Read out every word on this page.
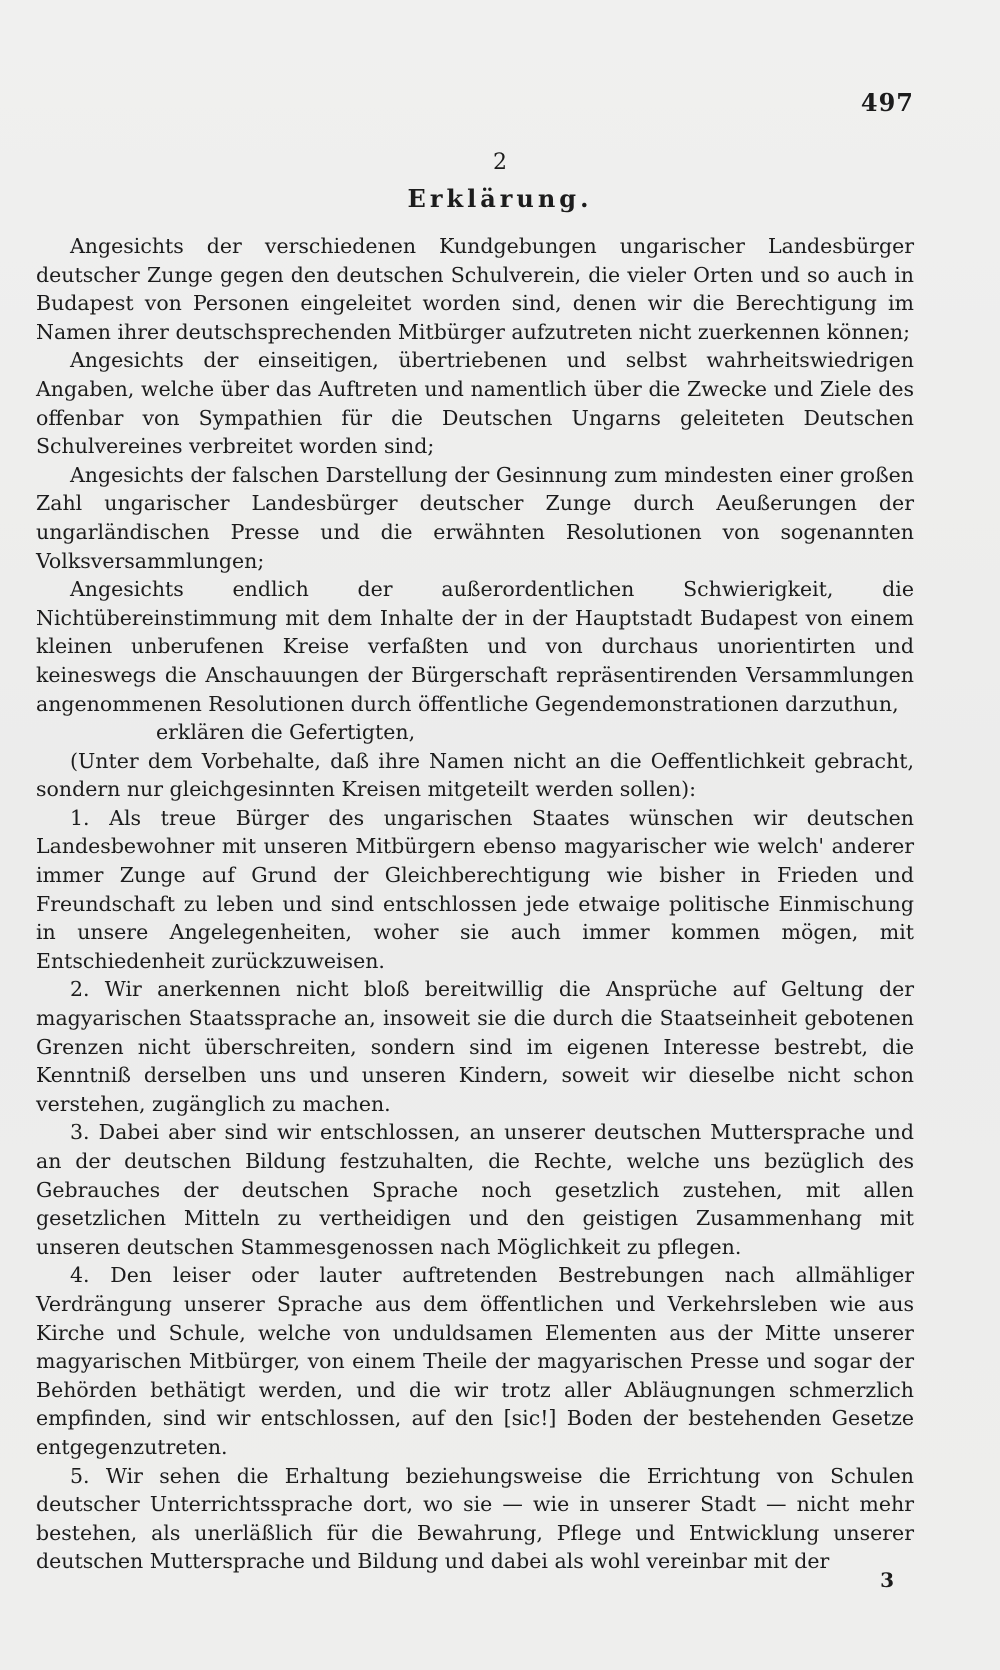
497
2
Erklärung.

Angesichts der verschiedenen Kundgebungen ungarischer Landesbürger deutscher Zunge gegen den deutschen Schulverein, die vieler Orten und so auch in Budapest von Personen eingeleitet worden sind, denen wir die Berechtigung im Namen ihrer deutschsprechenden Mitbürger aufzutreten nicht zuerkennen können;

Angesichts der einseitigen, übertriebenen und selbst wahrheitswiedrigen Angaben, welche über das Auftreten und namentlich über die Zwecke und Ziele des offenbar von Sympathien für die Deutschen Ungarns geleiteten Deutschen Schulvereines verbreitet worden sind;

Angesichts der falschen Darstellung der Gesinnung zum mindesten einer großen Zahl ungarischer Landesbürger deutscher Zunge durch Aeußerungen der ungarländischen Presse und die erwähnten Resolutionen von sogenannten Volksversammlungen;

Angesichts endlich der außerordentlichen Schwierigkeit, die Nichtübereinstimmung mit dem Inhalte der in der Hauptstadt Budapest von einem kleinen unberufenen Kreise verfaßten und von durchaus unorientirten und keineswegs die Anschauungen der Bürgerschaft repräsentirenden Versammlungen angenommenen Resolutionen durch öffentliche Gegendemonstrationen darzuthun,

erklären die Gefertigten,

(Unter dem Vorbehalte, daß ihre Namen nicht an die Oeffentlichkeit gebracht, sondern nur gleichgesinnten Kreisen mitgeteilt werden sollen):

1. Als treue Bürger des ungarischen Staates wünschen wir deutschen Landesbewohner mit unseren Mitbürgern ebenso magyarischer wie welch' anderer immer Zunge auf Grund der Gleichberechtigung wie bisher in Frieden und Freundschaft zu leben und sind entschlossen jede etwaige politische Einmischung in unsere Angelegenheiten, woher sie auch immer kommen mögen, mit Entschiedenheit zurückzuweisen.

2. Wir anerkennen nicht bloß bereitwillig die Ansprüche auf Geltung der magyarischen Staatssprache an, insoweit sie die durch die Staatseinheit gebotenen Grenzen nicht überschreiten, sondern sind im eigenen Interesse bestrebt, die Kenntniß derselben uns und unseren Kindern, soweit wir dieselbe nicht schon verstehen, zugänglich zu machen.

3. Dabei aber sind wir entschlossen, an unserer deutschen Muttersprache und an der deutschen Bildung festzuhalten, die Rechte, welche uns bezüglich des Gebrauches der deutschen Sprache noch gesetzlich zustehen, mit allen gesetzlichen Mitteln zu vertheidigen und den geistigen Zusammenhang mit unseren deutschen Stammesgenossen nach Möglichkeit zu pflegen.

4. Den leiser oder lauter auftretenden Bestrebungen nach allmähliger Verdrängung unserer Sprache aus dem öffentlichen und Verkehrsleben wie aus Kirche und Schule, welche von unduldsamen Elementen aus der Mitte unserer magyarischen Mitbürger, von einem Theile der magyarischen Presse und sogar der Behörden bethätigt werden, und die wir trotz aller Abläugnungen schmerzlich empfinden, sind wir entschlossen, auf den [sic!] Boden der bestehenden Gesetze entgegenzutreten.

5. Wir sehen die Erhaltung beziehungsweise die Errichtung von Schulen deutscher Unterrichtssprache dort, wo sie — wie in unserer Stadt — nicht mehr bestehen, als unerläßlich für die Bewahrung, Pflege und Entwicklung unserer deutschen Muttersprache und Bildung und dabei als wohl vereinbar mit der

3
